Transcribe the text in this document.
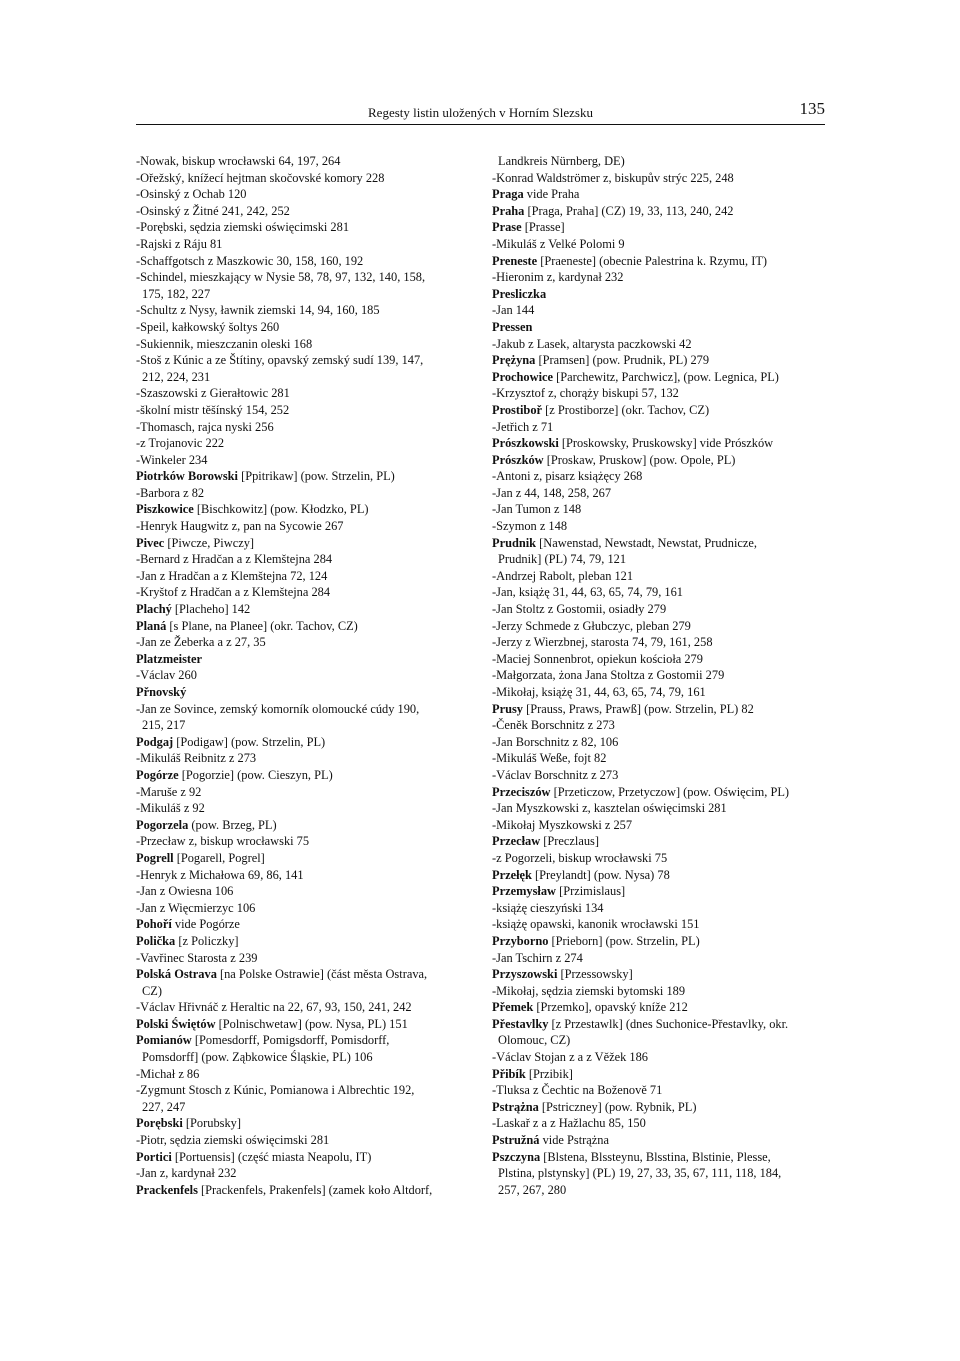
Regesty listin uložených v Horním Slezsku	135
-Nowak, biskup wrocławski 64, 197, 264
-Ořežský, knížecí hejtman skočovské komory 228
-Osinský z Ochab 120
-Osinský z Žitné 241, 242, 252
-Porębski, sędzia ziemski oświęcimski 281
-Rajski z Ráju 81
-Schaffgotsch z Maszkowic 30, 158, 160, 192
-Schindel, mieszkający w Nysie 58, 78, 97, 132, 140, 158,
175, 182, 227
-Schultz z Nysy, ławnik ziemski 14, 94, 160, 185
-Speil, kałkowský šoltys 260
-Sukiennik, mieszczanin oleski 168
-Stoš z Kúnic a ze Štítiny, opavský zemský sudí 139, 147,
212, 224, 231
-Szaszowski z Gierałtowic 281
-školní mistr těšínský 154, 252
-Thomasch, rajca nyski 256
-z Trojanovic 222
-Winkeler 234
Piotrków Borowski [Ppitrikaw] (pow. Strzelin, PL)
-Barbora z 82
Piszkowice [Bischkowitz] (pow. Kłodzko, PL)
-Henryk Haugwitz z, pan na Sycowie 267
Pivec [Piwcze, Piwczy]
-Bernard z Hradčan a z Klemštejna 284
-Jan z Hradčan a z Klemštejna 72, 124
-Kryštof z Hradčan a z Klemštejna 284
Plachý [Placheho] 142
Planá [s Plane, na Planee] (okr. Tachov, CZ)
-Jan ze Žeberka a z 27, 35
Platzmeister
-Václav 260
Přnovský
-Jan ze Sovince, zemský komorník olomoucké cúdy 190,
215, 217
Podgaj [Podigaw] (pow. Strzelin, PL)
-Mikuláš Reibnitz z 273
Pogórze [Pogorzie] (pow. Cieszyn, PL)
-Maruše z 92
-Mikuláš z 92
Pogorzela (pow. Brzeg, PL)
-Przecław z, biskup wrocławski 75
Pogrell [Pogarell, Pogrel]
-Henryk z Michałowa 69, 86, 141
-Jan z Owiesna 106
-Jan z Więcmierzyc 106
Pohoří vide Pogórze
Polička [z Policzky]
-Vavřinec Starosta z 239
Polská Ostrava [na Polske Ostrawie] (část města Ostrava,
CZ)
-Václav Hřivnáč z Heraltic na 22, 67, 93, 150, 241, 242
Polski Świętów [Polnischwetaw] (pow. Nysa, PL) 151
Pomianów [Pomesdorff, Pomigsdorff, Pomisdorff,
Pomsdorff] (pow. Ząbkowice Śląskie, PL) 106
-Michał z 86
-Zygmunt Stosch z Kúnic, Pomianowa i Albrechtic 192,
227, 247
Porębski [Porubsky]
-Piotr, sędzia ziemski oświęcimski 281
Portici [Portuensis] (część miasta Neapolu, IT)
-Jan z, kardynał 232
Prackenfels [Prackenfels, Prakenfels] (zamek koło Altdorf,
Landkreis Nürnberg, DE)
-Konrad Waldströmer z, biskupův strýc 225, 248
Praga vide Praha
Praha [Praga, Praha] (CZ) 19, 33, 113, 240, 242
Prase [Prasse]
-Mikuláš z Velké Polomi 9
Preneste [Praeneste] (obecnie Palestrina k. Rzymu, IT)
-Hieronim z, kardynał 232
Presliczka
-Jan 144
Pressen
-Jakub z Lasek, altarysta paczkowski 42
Prężyna [Pramsen] (pow. Prudnik, PL) 279
Prochowice [Parchewitz, Parchwicz], (pow. Legnica, PL)
-Krzysztof z, chorąży biskupi 57, 132
Prostiboř [z Prostiborze] (okr. Tachov, CZ)
-Jetřich z 71
Prószkowski [Proskowsky, Pruskowsky] vide Prószków
Prószków [Proskaw, Pruskow] (pow. Opole, PL)
-Antoni z, pisarz książęcy 268
-Jan z 44, 148, 258, 267
-Jan Tumon z 148
-Szymon z 148
Prudnik [Nawenstad, Newstadt, Newstat, Prudnicze,
Prudnik] (PL) 74, 79, 121
-Andrzej Rabolt, pleban 121
-Jan, książę 31, 44, 63, 65, 74, 79, 161
-Jan Stoltz z Gostomii, osiadły 279
-Jerzy Schmede z Głubczyc, pleban 279
-Jerzy z Wierzbnej, starosta 74, 79, 161, 258
-Maciej Sonnenbrot, opiekun kościoła 279
-Małgorzata, żona Jana Stoltza z Gostomii 279
-Mikołaj, książę 31, 44, 63, 65, 74, 79, 161
Prusy [Prauss, Praws, Prawß] (pow. Strzelin, PL) 82
-Čeněk Borschnitz z 273
-Jan Borschnitz z 82, 106
-Mikuláš Weße, fojt 82
-Václav Borschnitz z 273
Przeciszów [Przeticzow, Przetyczow] (pow. Oświęcim, PL)
-Jan Myszkowski z, kasztelan oświęcimski 281
-Mikołaj Myszkowski z 257
Przecław [Preczlaus]
-z Pogorzeli, biskup wrocławski 75
Przełęk [Preylandt] (pow. Nysa) 78
Przemysław [Przimislaus]
-książę cieszyński 134
-książę opawski, kanonik wrocławski 151
Przyborno [Prieborn] (pow. Strzelin, PL)
-Jan Tschirn z 274
Przyszowski [Przessowsky]
-Mikołaj, sędzia ziemski bytomski 189
Přemek [Przemko], opavský kníže 212
Přestavlky [z Przestawlk] (dnes Suchonice-Přestavlky, okr.
Olomouc, CZ)
-Václav Stojan z a z Věžek 186
Přibík [Przibik]
-Tluksa z Čechtic na Boženově 71
Pstrążna [Pstriczney] (pow. Rybnik, PL)
-Laskař z a z Hažlachu 85, 150
Pstružná vide Pstrążna
Pszczyna [Blstena, Blssteynu, Blsstina, Blstinie, Plesse,
Plstina, plstynsky] (PL) 19, 27, 33, 35, 67, 111, 118, 184,
257, 267, 280
